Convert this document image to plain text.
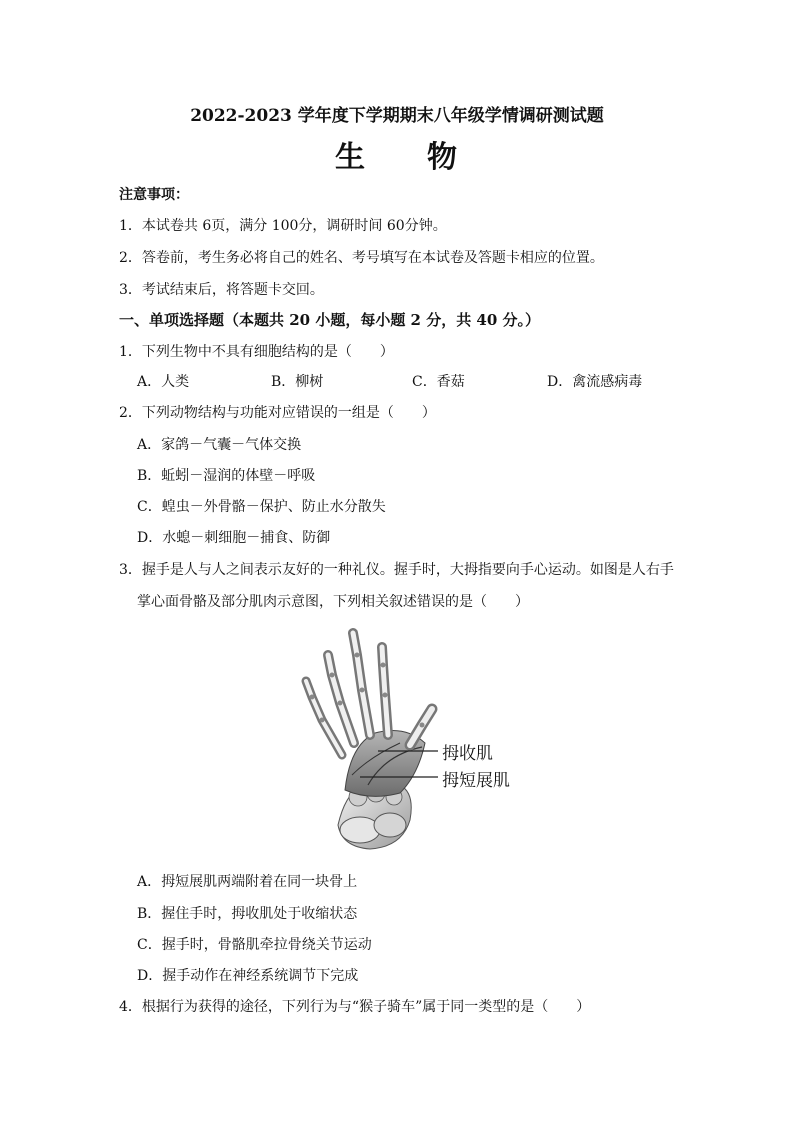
2022-2023 学年度下学期期末八年级学情调研测试题
生 物
注意事项：
1．本试卷共 6页，满分 100分，调研时间 60分钟。
2．答卷前，考生务必将自己的姓名、考号填写在本试卷及答题卡相应的位置。
3．考试结束后，将答题卡交回。
一、单项选择题（本题共 20 小题，每小题 2 分，共 40 分。）
1．下列生物中不具有细胞结构的是（　　）
A．人类	B．柳树	C．香菇	D．禽流感病毒
2．下列动物结构与功能对应错误的一组是（　　）
A．家鸽－气囊－气体交换
B．蚯蚓－湿润的体壁－呼吸
C．蝗虫－外骨骼－保护、防止水分散失
D．水螅－刺细胞－捕食、防御
3．握手是人与人之间表示友好的一种礼仪。握手时，大拇指要向手心运动。如图是人右手
掌心面骨骼及部分肌肉示意图，下列相关叙述错误的是（　　）
拇收肌
拇短展肌
A．拇短展肌两端附着在同一块骨上
B．握住手时，拇收肌处于收缩状态
C．握手时，骨骼肌牵拉骨绕关节运动
D．握手动作在神经系统调节下完成
4．根据行为获得的途径，下列行为与“猴子骑车”属于同一类型的是（　　）
